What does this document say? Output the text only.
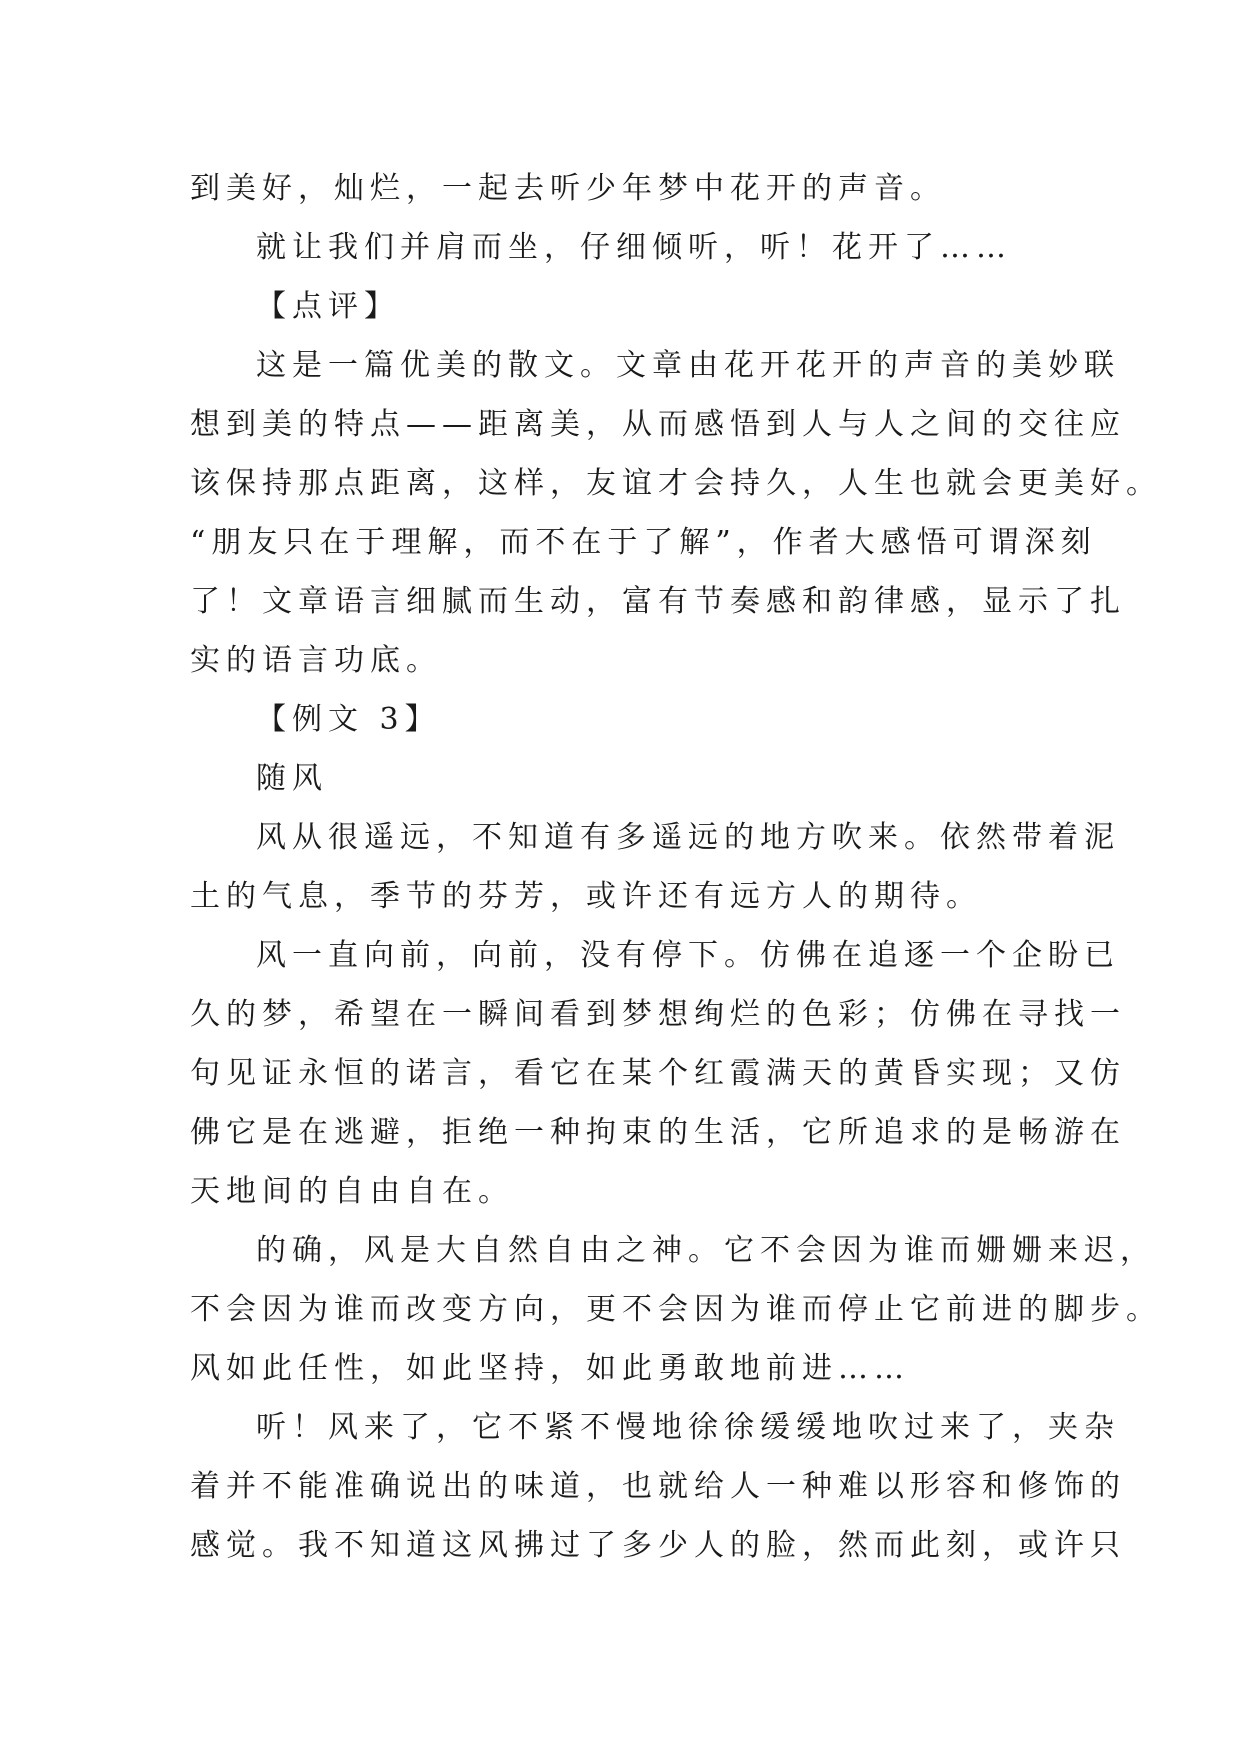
到美好，灿烂，一起去听少年梦中花开的声音。
就让我们并肩而坐，仔细倾听，听！花开了……
【点评】
这是一篇优美的散文。文章由花开花开的声音的美妙联
想到美的特点——距离美，从而感悟到人与人之间的交往应
该保持那点距离，这样，友谊才会持久，人生也就会更美好。
“朋友只在于理解，而不在于了解”，作者大感悟可谓深刻
了！文章语言细腻而生动，富有节奏感和韵律感，显示了扎
实的语言功底。
【例文 3】
随风
风从很遥远，不知道有多遥远的地方吹来。依然带着泥
土的气息，季节的芬芳，或许还有远方人的期待。
风一直向前，向前，没有停下。仿佛在追逐一个企盼已
久的梦，希望在一瞬间看到梦想绚烂的色彩；仿佛在寻找一
句见证永恒的诺言，看它在某个红霞满天的黄昏实现；又仿
佛它是在逃避，拒绝一种拘束的生活，它所追求的是畅游在
天地间的自由自在。
的确，风是大自然自由之神。它不会因为谁而姗姗来迟，
不会因为谁而改变方向，更不会因为谁而停止它前进的脚步。
风如此任性，如此坚持，如此勇敢地前进……
听！风来了，它不紧不慢地徐徐缓缓地吹过来了，夹杂
着并不能准确说出的味道，也就给人一种难以形容和修饰的
感觉。我不知道这风拂过了多少人的脸，然而此刻，或许只
